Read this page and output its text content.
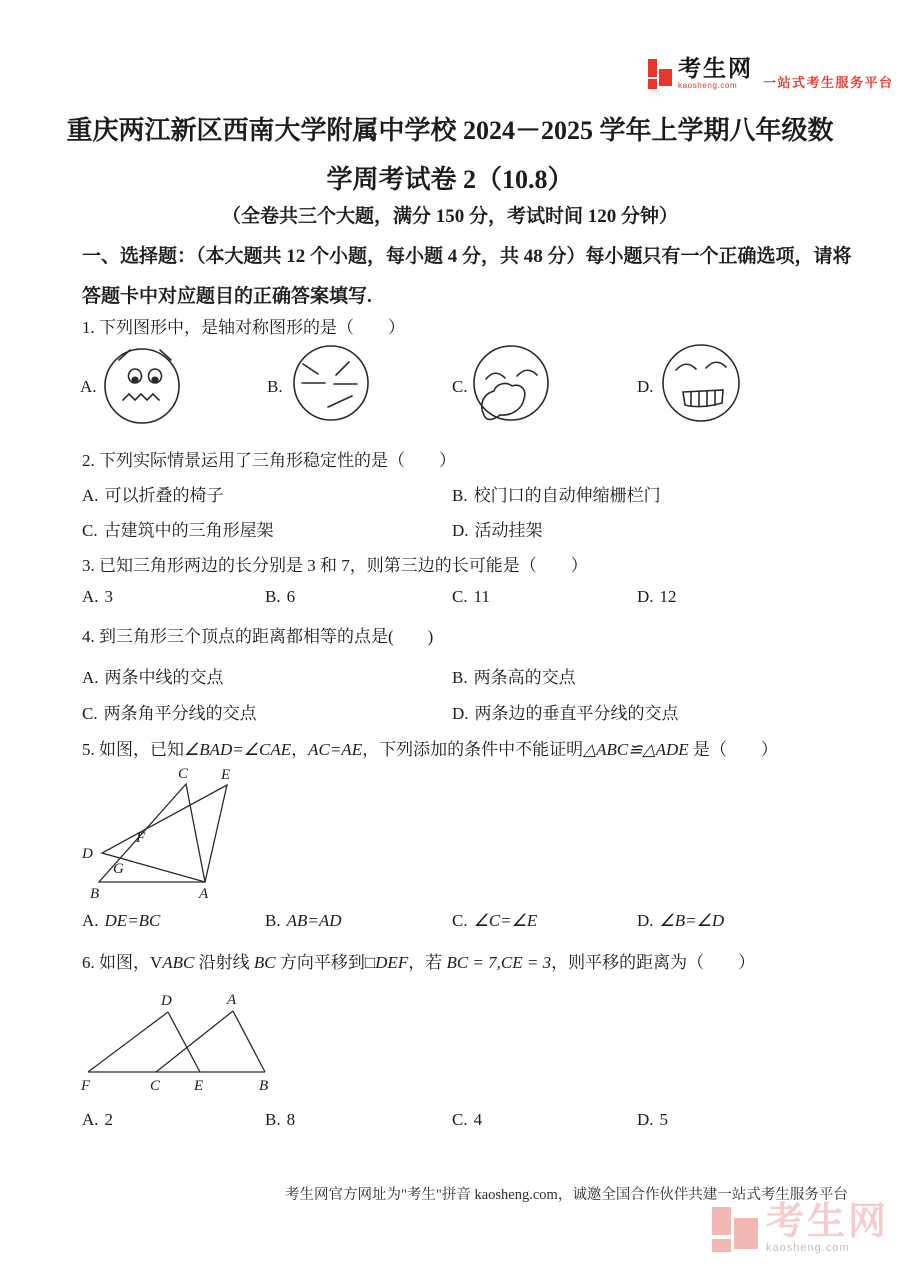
考生网
kaosheng.com	一站式考生服务平台
重庆两江新区西南大学附属中学校 2024－2025 学年上学期八年级数
学周考试卷 2（10.8）
（全卷共三个大题，满分 150 分，考试时间 120 分钟）
一、选择题：（本大题共 12 个小题，每小题 4 分，共 48 分）每小题只有一个正确选项，请将
答题卡中对应题目的正确答案填写.
1. 下列图形中，是轴对称图形的是（　　）
A.	B.	C.	D.
2. 下列实际情景运用了三角形稳定性的是（　　）
A. 可以折叠的椅子	B. 校门口的自动伸缩栅栏门
C. 古建筑中的三角形屋架	D. 活动挂架
3. 已知三角形两边的长分别是 3 和 7，则第三边的长可能是（　　）
A. 3	B. 6	C. 11	D. 12
4. 到三角形三个顶点的距离都相等的点是(　　)
A. 两条中线的交点	B. 两条高的交点
C. 两条角平分线的交点	D. 两条边的垂直平分线的交点
5. 如图，已知∠BAD=∠CAE，AC=AE，下列添加的条件中不能证明△ABC≌△ADE 是（　　）
C E
F
D
G
B	A
A. DE=BC	B. AB=AD	C. ∠C=∠E	D. ∠B=∠D
6. 如图，VABC 沿射线 BC 方向平移到□DEF，若 BC = 7,CE = 3，则平移的距离为（　　）
D	A
F	C E	B
A. 2	B. 8	C. 4	D. 5
考生网官方网址为"考生"拼音 kaosheng.com，诚邀全国合作伙伴共建一站式考生服务平台
考生网
kaosheng.com
